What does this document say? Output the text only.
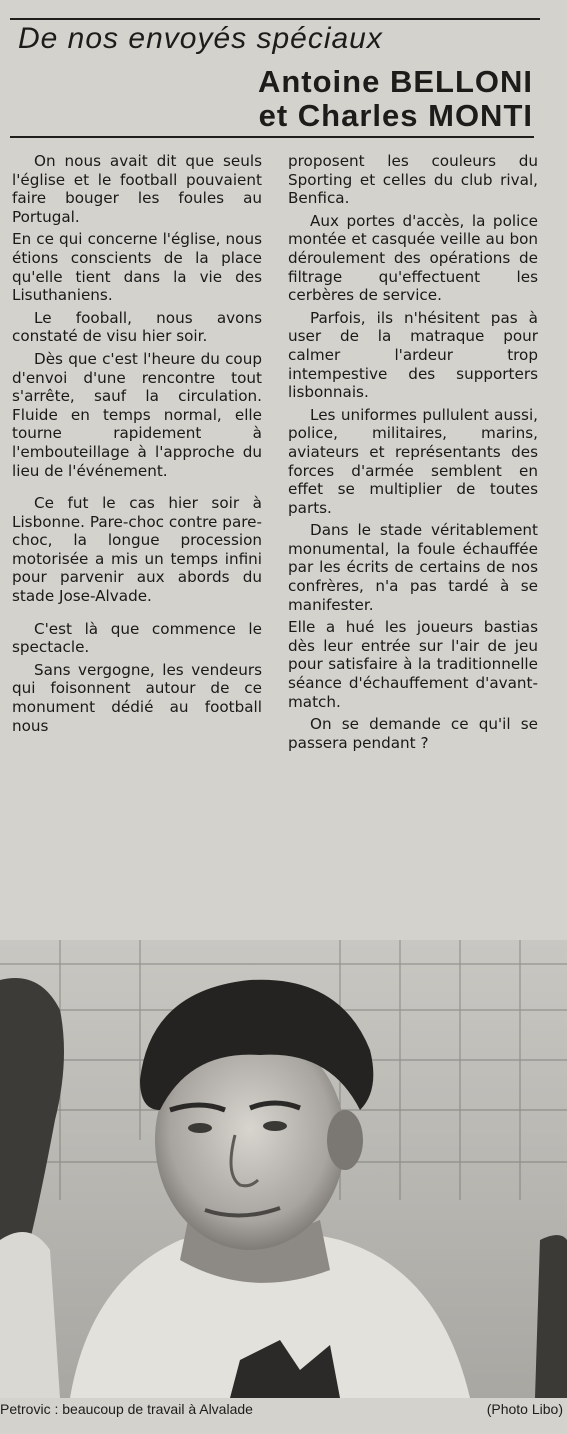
De nos envoyés spéciaux
Antoine BELLONI
et Charles MONTI

On nous avait dit que seuls l'église et le football pouvaient faire bouger les foules au Portugal.

En ce qui concerne l'église, nous étions conscients de la place qu'elle tient dans la vie des Lisuthaniens.

Le fooball, nous avons constaté de visu hier soir.

Dès que c'est l'heure du coup d'envoi d'une rencontre tout s'arrête, sauf la circulation. Fluide en temps normal, elle tourne rapidement à l'embouteillage à l'approche du lieu de l'événement.

Ce fut le cas hier soir à Lisbonne. Pare-choc contre pare-choc, la longue procession motorisée a mis un temps infini pour parvenir aux abords du stade Jose-Alvade.

C'est là que commence le spectacle.

Sans vergogne, les vendeurs qui foisonnent autour de ce monument dédié au football nous

proposent les couleurs du Sporting et celles du club rival, Benfica.

Aux portes d'accès, la police montée et casquée veille au bon déroulement des opérations de filtrage qu'effectuent les cerbères de service.

Parfois, ils n'hésitent pas à user de la matraque pour calmer l'ardeur trop intempestive des supporters lisbonnais.

Les uniformes pullulent aussi, police, militaires, marins, aviateurs et représentants des forces d'armée semblent en effet se multiplier de toutes parts.

Dans le stade véritablement monumental, la foule échauffée par les écrits de certains de nos confrères, n'a pas tardé à se manifester.

Elle a hué les joueurs bastias dès leur entrée sur l'air de jeu pour satisfaire à la traditionnelle séance d'échauffement d'avant-match.

On se demande ce qu'il se passera pendant ?

Petrovic : beaucoup de travail à Alvalade	(Photo Libo)
